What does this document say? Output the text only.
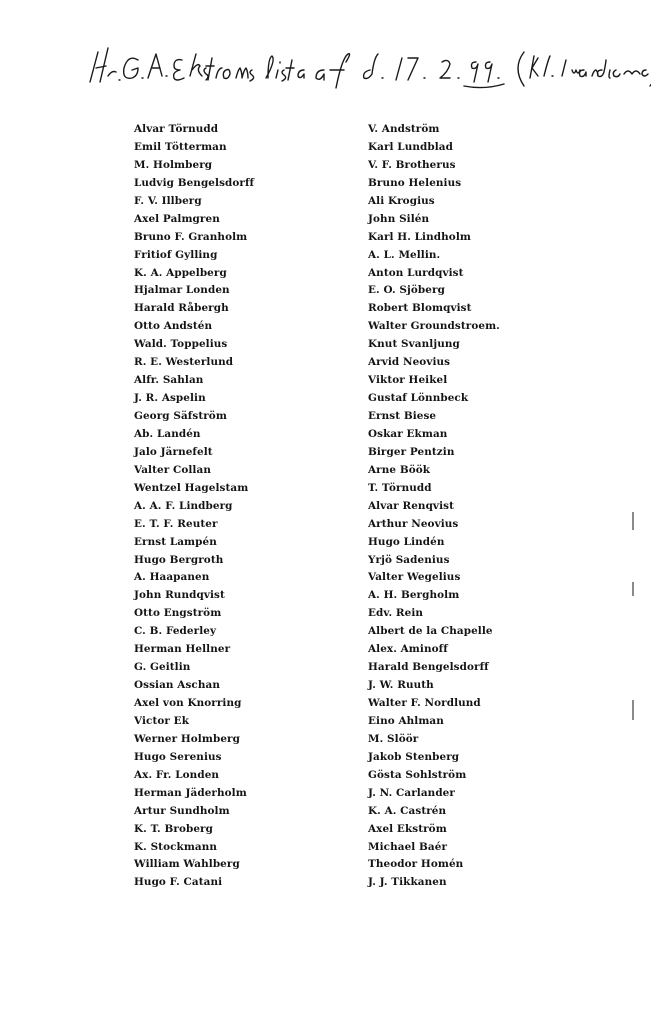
Alvar Törnudd
Emil Tötterman
M. Holmberg
Ludvig Bengelsdorff
F. V. Illberg
Axel Palmgren
Bruno F. Granholm
Fritiof Gylling
K. A. Appelberg
Hjalmar Londen
Harald Råbergh
Otto Andstén
Wald. Toppelius
R. E. Westerlund
Alfr. Sahlan
J. R. Aspelin
Georg Säfström
Ab. Landén
Jalo Järnefelt
Valter Collan
Wentzel Hagelstam
A. A. F. Lindberg
E. T. F. Reuter
Ernst Lampén
Hugo Bergroth
A. Haapanen
John Rundqvist
Otto Engström
C. B. Federley
Herman Hellner
G. Geitlin
Ossian Aschan
Axel von Knorring
Victor Ek
Werner Holmberg
Hugo Serenius
Ax. Fr. Londen
Herman Jäderholm
Artur Sundholm
K. T. Broberg
K. Stockmann
William Wahlberg
Hugo F. Catani
V. Andström
Karl Lundblad
V. F. Brotherus
Bruno Helenius
Ali Krogius
John Silén
Karl H. Lindholm
A. L. Mellin.
Anton Lurdqvist
E. O. Sjöberg
Robert Blomqvist
Walter Groundstroem.
Knut Svanljung
Arvid Neovius
Viktor Heikel
Gustaf Lönnbeck
Ernst Biese
Oskar Ekman
Birger Pentzin
Arne Böök
T. Törnudd
Alvar Renqvist
Arthur Neovius
Hugo Lindén
Yrjö Sadenius
Valter Wegelius
A. H. Bergholm
Edv. Rein
Albert de la Chapelle
Alex. Aminoff
Harald Bengelsdorff
J. W. Ruuth
Walter F. Nordlund
Eino Ahlman
M. Slöör
Jakob Stenberg
Gösta Sohlström
J. N. Carlander
K. A. Castrén
Axel Ekström
Michael Baér
Theodor Homén
J. J. Tikkanen
